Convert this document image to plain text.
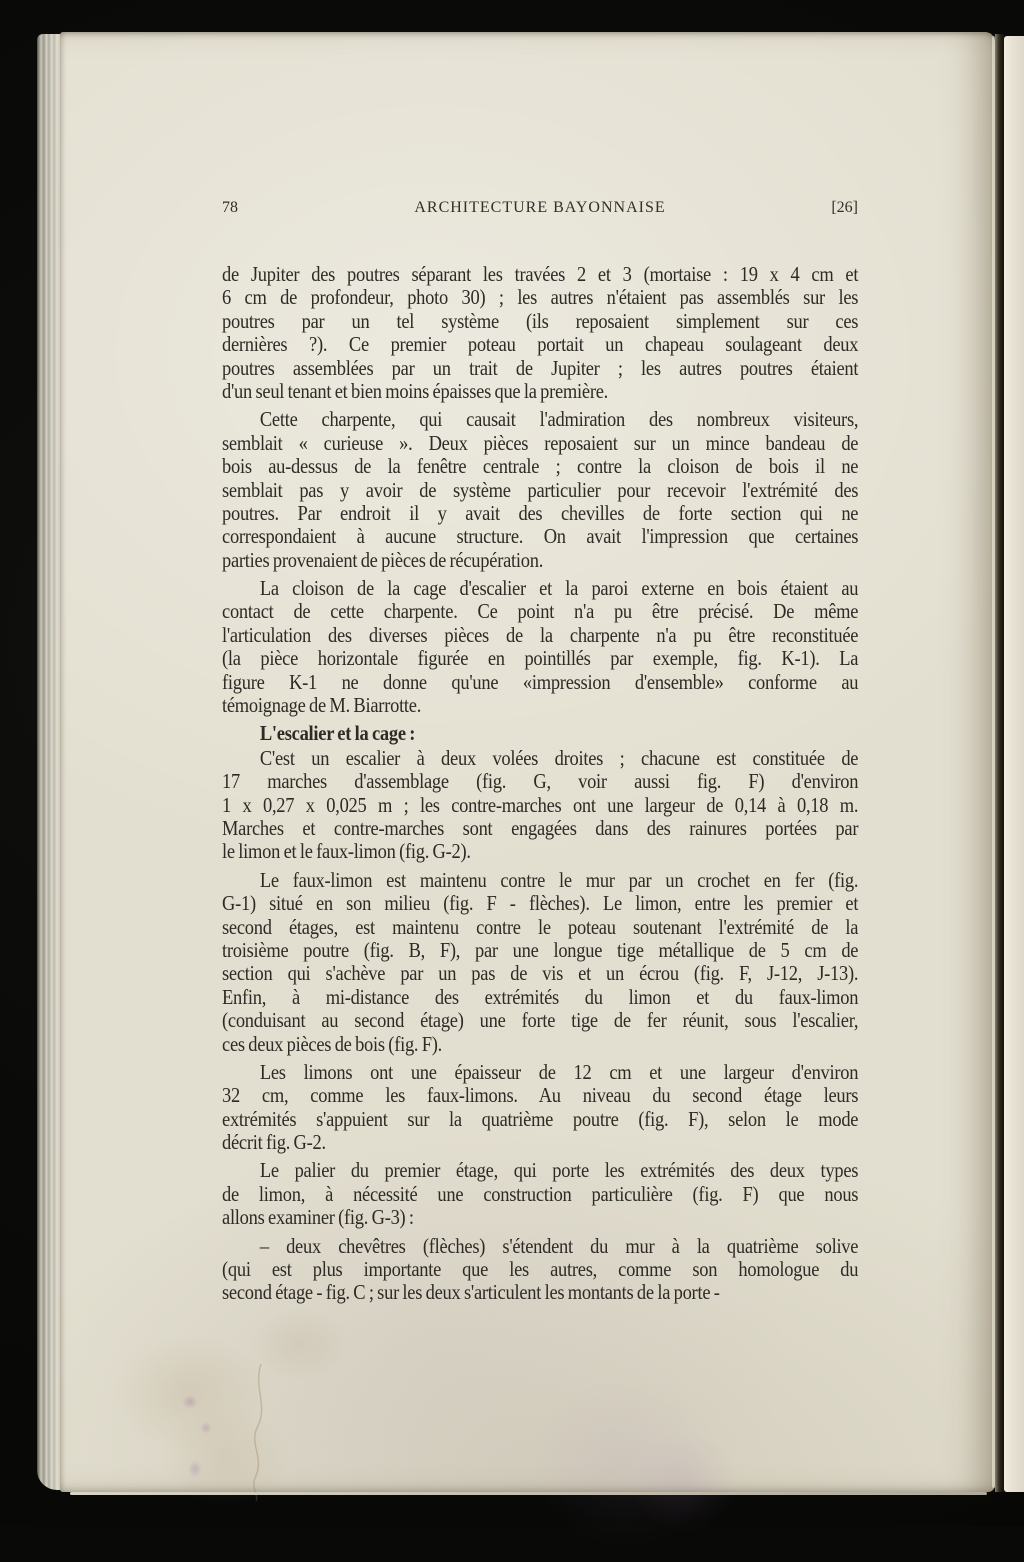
78	ARCHITECTURE BAYONNAISE	[26]
de Jupiter des poutres séparant les travées 2 et 3 (mortaise : 19 x 4 cm et
6 cm de profondeur, photo 30) ; les autres n'étaient pas assemblés sur les
poutres par un tel système (ils reposaient simplement sur ces
dernières ?). Ce premier poteau portait un chapeau soulageant deux
poutres assemblées par un trait de Jupiter ; les autres poutres étaient
d'un seul tenant et bien moins épaisses que la première.
Cette charpente, qui causait l'admiration des nombreux visiteurs,
semblait « curieuse ». Deux pièces reposaient sur un mince bandeau de
bois au-dessus de la fenêtre centrale ; contre la cloison de bois il ne
semblait pas y avoir de système particulier pour recevoir l'extrémité des
poutres. Par endroit il y avait des chevilles de forte section qui ne
correspondaient à aucune structure. On avait l'impression que certaines
parties provenaient de pièces de récupération.
La cloison de la cage d'escalier et la paroi externe en bois étaient au
contact de cette charpente. Ce point n'a pu être précisé. De même
l'articulation des diverses pièces de la charpente n'a pu être reconstituée
(la pièce horizontale figurée en pointillés par exemple, fig. K-1). La
figure K-1 ne donne qu'une «impression d'ensemble» conforme au
témoignage de M. Biarrotte.
L'escalier et la cage :
C'est un escalier à deux volées droites ; chacune est constituée de
17 marches d'assemblage (fig. G, voir aussi fig. F) d'environ
1 x 0,27 x 0,025 m ; les contre-marches ont une largeur de 0,14 à 0,18 m.
Marches et contre-marches sont engagées dans des rainures portées par
le limon et le faux-limon (fig. G-2).
Le faux-limon est maintenu contre le mur par un crochet en fer (fig.
G-1) situé en son milieu (fig. F - flèches). Le limon, entre les premier et
second étages, est maintenu contre le poteau soutenant l'extrémité de la
troisième poutre (fig. B, F), par une longue tige métallique de 5 cm de
section qui s'achève par un pas de vis et un écrou (fig. F, J-12, J-13).
Enfin, à mi-distance des extrémités du limon et du faux-limon
(conduisant au second étage) une forte tige de fer réunit, sous l'escalier,
ces deux pièces de bois (fig. F).
Les limons ont une épaisseur de 12 cm et une largeur d'environ
32 cm, comme les faux-limons. Au niveau du second étage leurs
extrémités s'appuient sur la quatrième poutre (fig. F), selon le mode
décrit fig. G-2.
Le palier du premier étage, qui porte les extrémités des deux types
de limon, à nécessité une construction particulière (fig. F) que nous
allons examiner (fig. G-3) :
– deux chevêtres (flèches) s'étendent du mur à la quatrième solive
(qui est plus importante que les autres, comme son homologue du
second étage - fig. C ; sur les deux s'articulent les montants de la porte -
